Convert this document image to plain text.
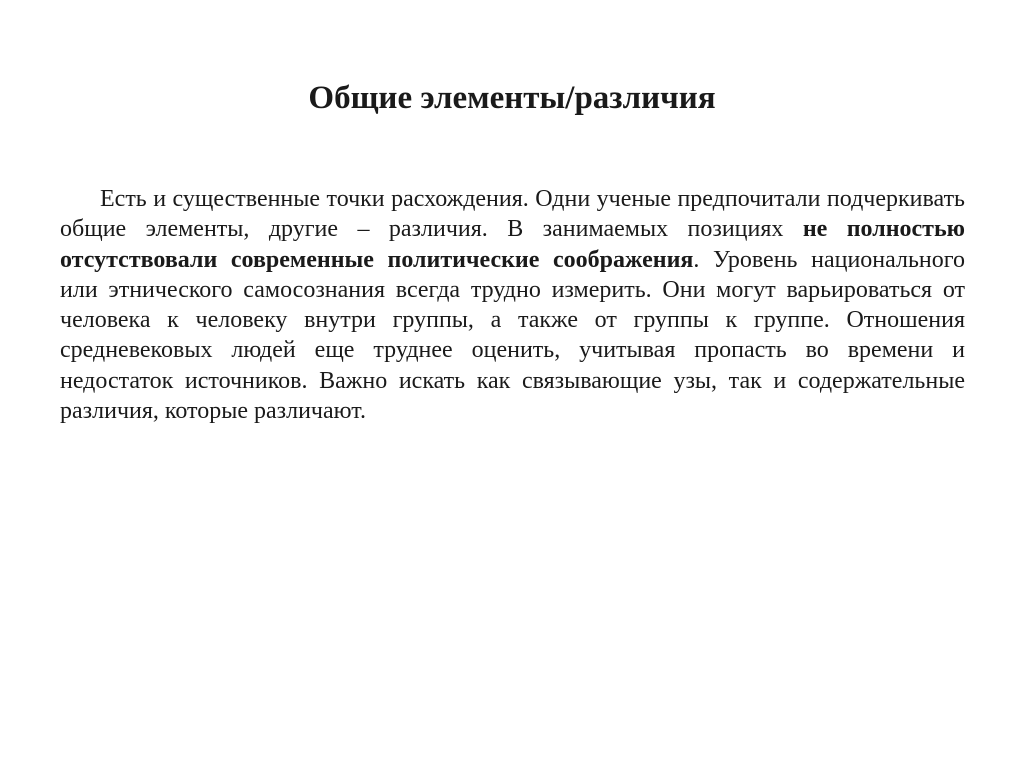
Общие элементы/различия

Есть и существенные точки расхождения. Одни ученые предпочитали подчеркивать общие элементы, другие – различия. В занимаемых позициях не полностью отсутствовали современные политические соображения. Уровень национального или этнического самосознания всегда трудно измерить. Они могут варьироваться от человека к человеку внутри группы, а также от группы к группе. Отношения средневековых людей еще труднее оценить, учитывая пропасть во времени и недостаток источников. Важно искать как связывающие узы, так и содержательные различия, которые различают.
